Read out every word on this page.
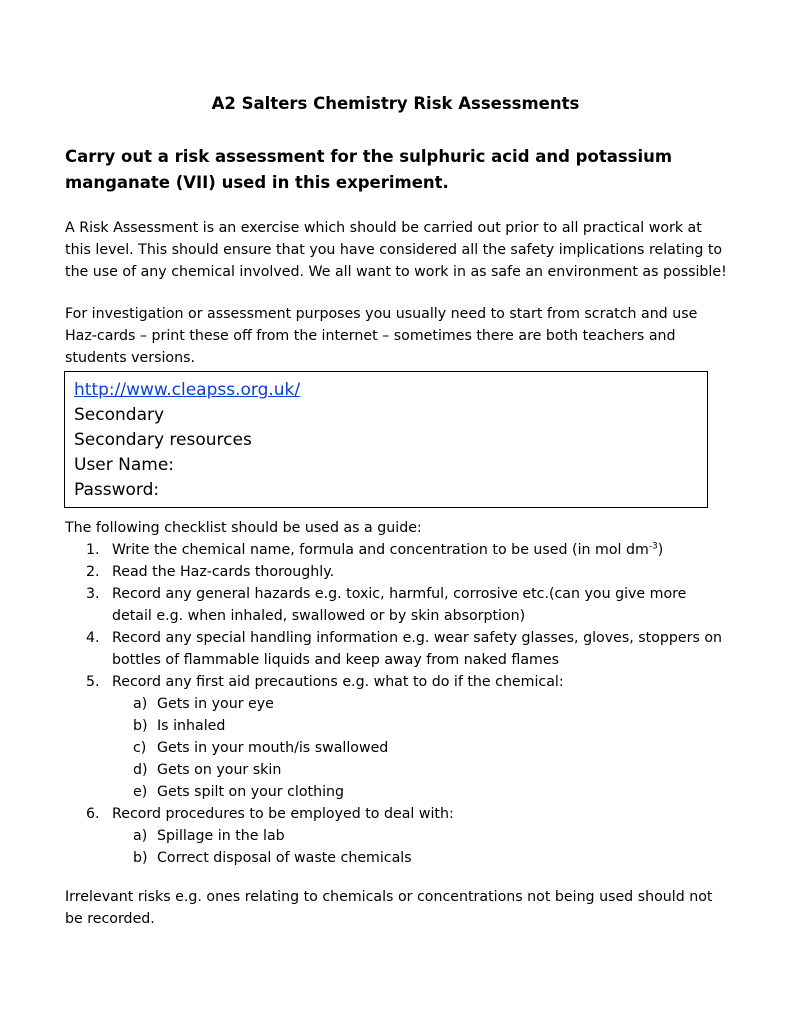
A2 Salters Chemistry Risk Assessments
Carry out a risk assessment for the sulphuric acid and potassium
manganate (VII) used in this experiment.
A Risk Assessment is an exercise which should be carried out prior to all practical work at
this level. This should ensure that you have considered all the safety implications relating to
the use of any chemical involved. We all want to work in as safe an environment as possible!
For investigation or assessment purposes you usually need to start from scratch and use
Haz-cards – print these off from the internet – sometimes there are both teachers and
students versions.
http://www.cleapss.org.uk/
Secondary
Secondary resources
User Name:
Password:
The following checklist should be used as a guide:
1. Write the chemical name, formula and concentration to be used (in mol $dm^{-3}$)
2. Read the Haz-cards thoroughly.
3. Record any general hazards e.g. toxic, harmful, corrosive etc.(can you give more
detail e.g. when inhaled, swallowed or by skin absorption)
4. Record any special handling information e.g. wear safety glasses, gloves, stoppers on
bottles of flammable liquids and keep away from naked flames
5. Record any first aid precautions e.g. what to do if the chemical:
a) Gets in your eye
b) Is inhaled
c) Gets in your mouth/is swallowed
d) Gets on your skin
e) Gets spilt on your clothing
6. Record procedures to be employed to deal with:
a) Spillage in the lab
b) Correct disposal of waste chemicals
Irrelevant risks e.g. ones relating to chemicals or concentrations not being used should not
be recorded.
